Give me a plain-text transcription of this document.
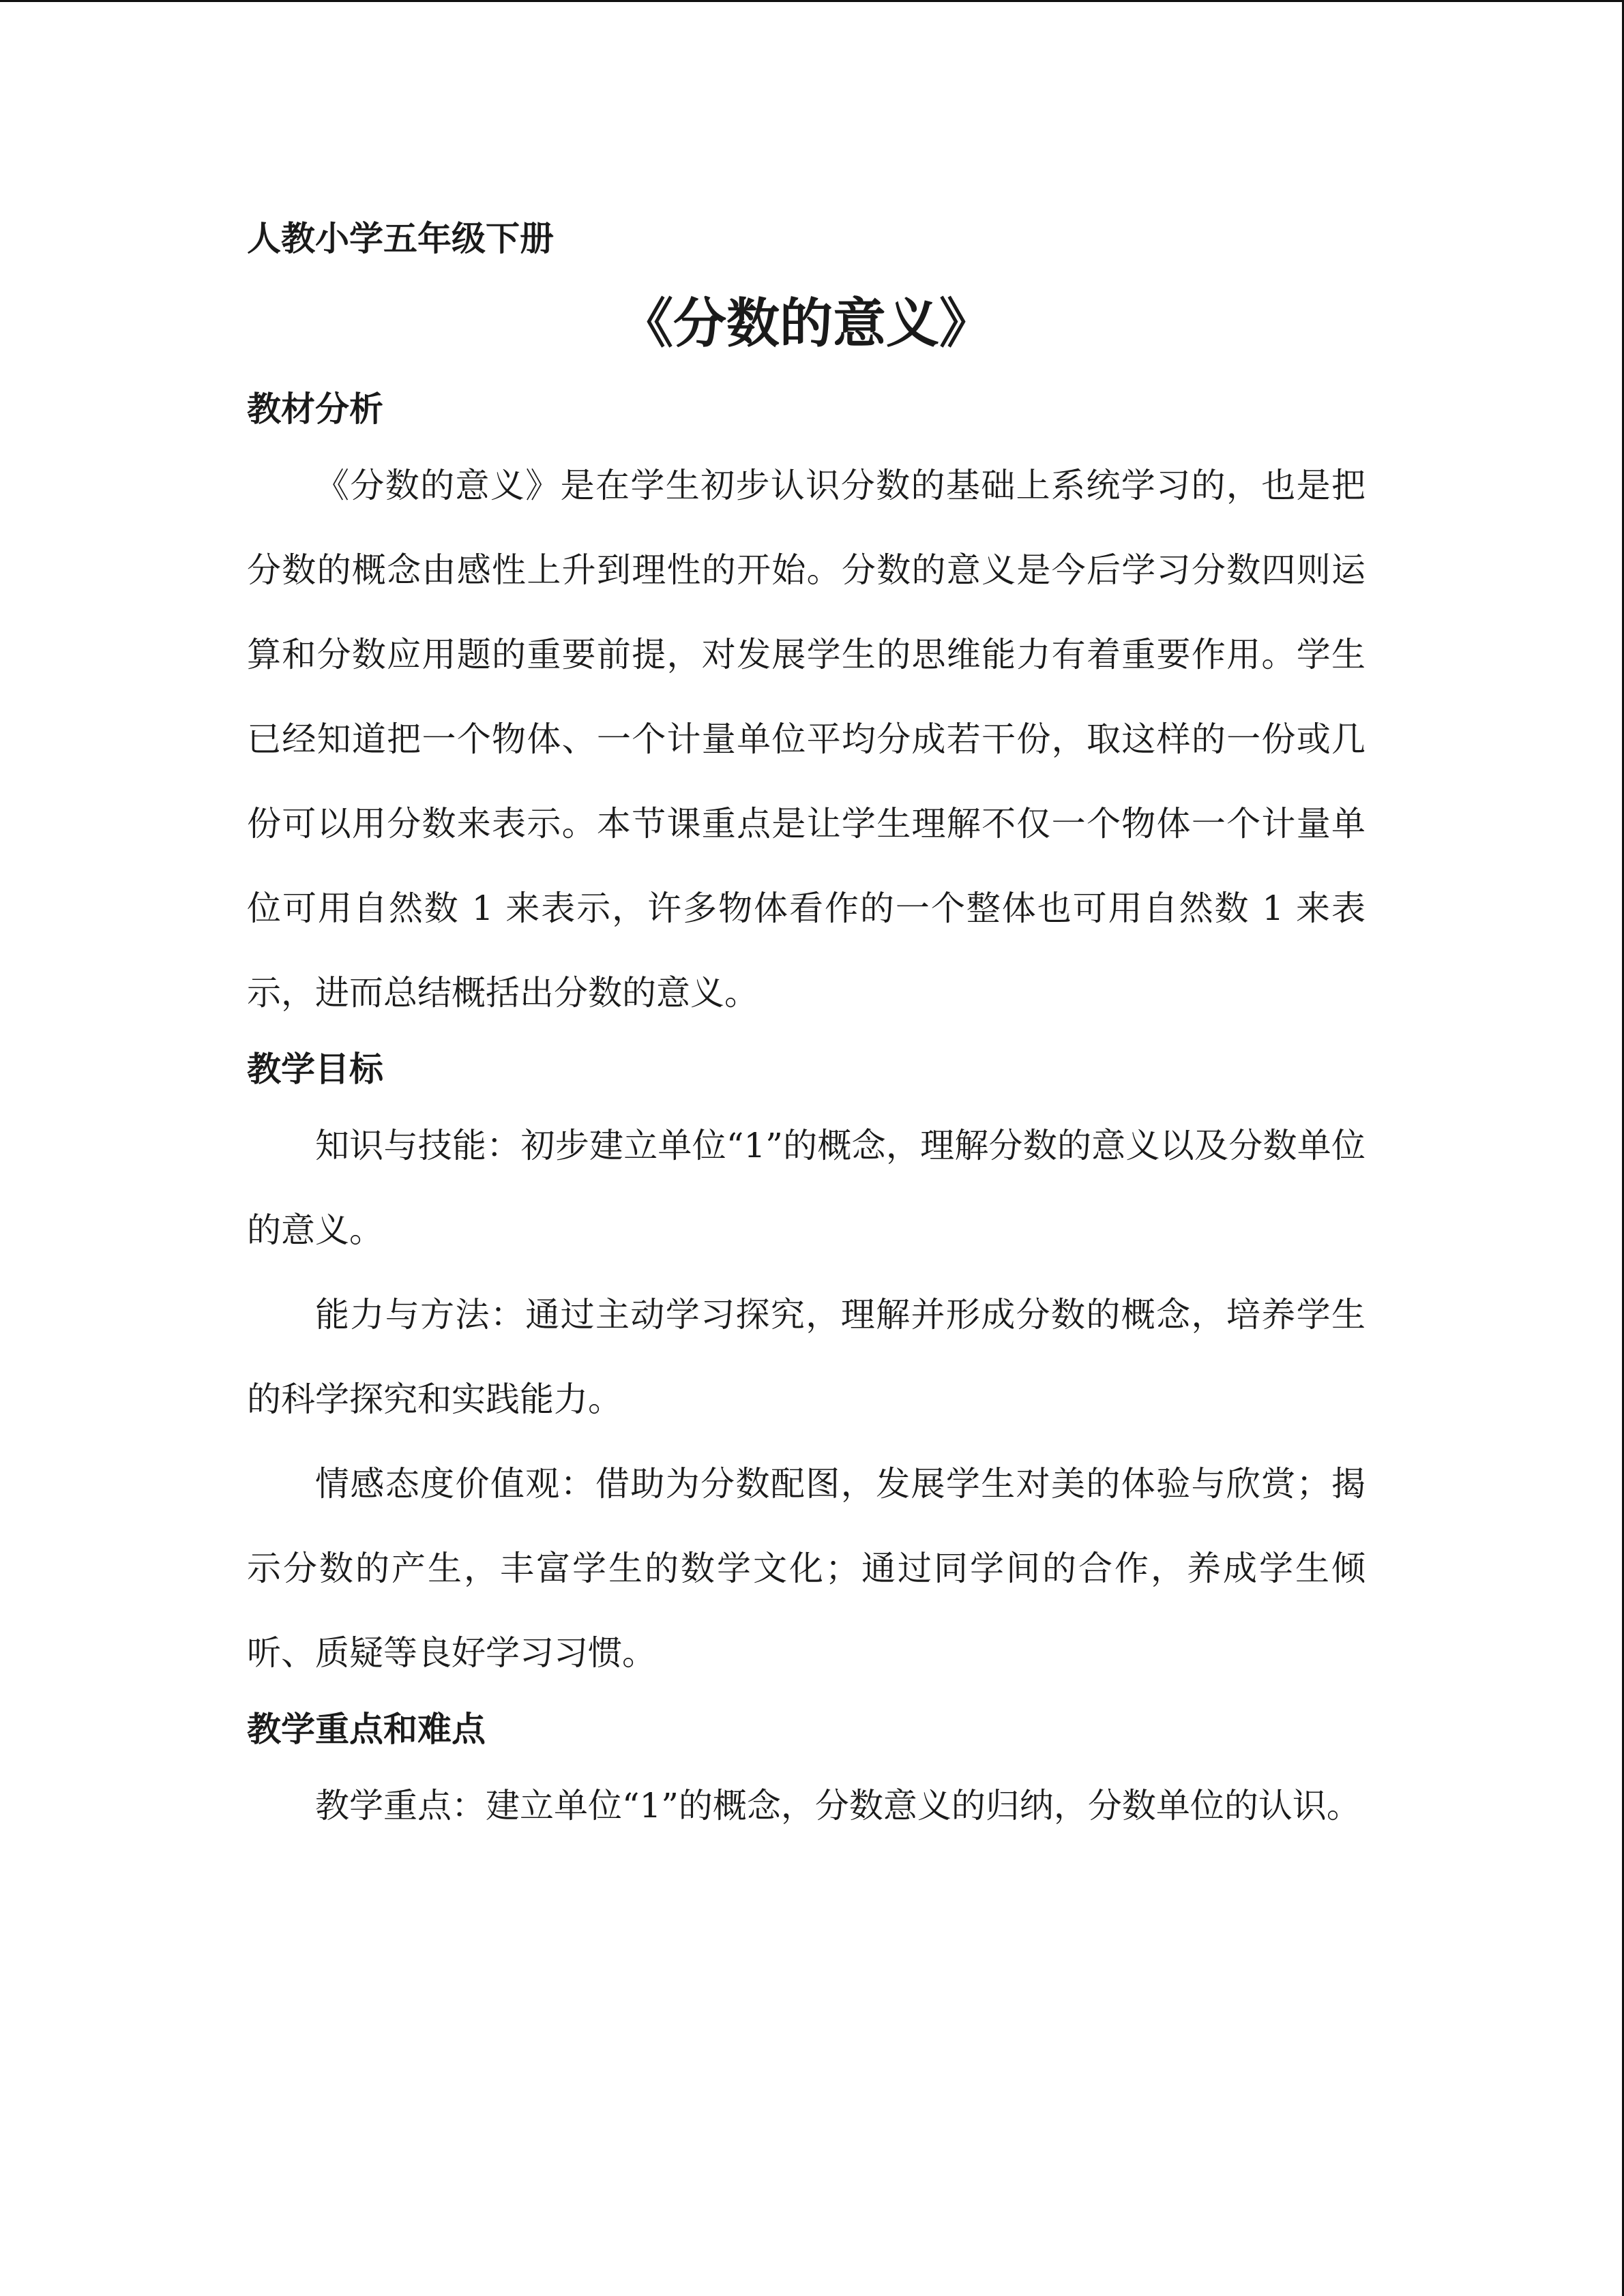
人教小学五年级下册

《分数的意义》

教材分析

《分数的意义》是在学生初步认识分数的基础上系统学习的，也是把分数的概念由感性上升到理性的开始。分数的意义是今后学习分数四则运算和分数应用题的重要前提，对发展学生的思维能力有着重要作用。学生已经知道把一个物体、一个计量单位平均分成若干份，取这样的一份或几份可以用分数来表示。本节课重点是让学生理解不仅一个物体一个计量单位可用自然数 1 来表示，许多物体看作的一个整体也可用自然数 1 来表示，进而总结概括出分数的意义。

教学目标

知识与技能：初步建立单位“1”的概念，理解分数的意义以及分数单位的意义。

能力与方法：通过主动学习探究，理解并形成分数的概念，培养学生的科学探究和实践能力。

情感态度价值观：借助为分数配图，发展学生对美的体验与欣赏；揭示分数的产生，丰富学生的数学文化；通过同学间的合作，养成学生倾听、质疑等良好学习习惯。

教学重点和难点

教学重点：建立单位“1”的概念，分数意义的归纳，分数单位的认识。
